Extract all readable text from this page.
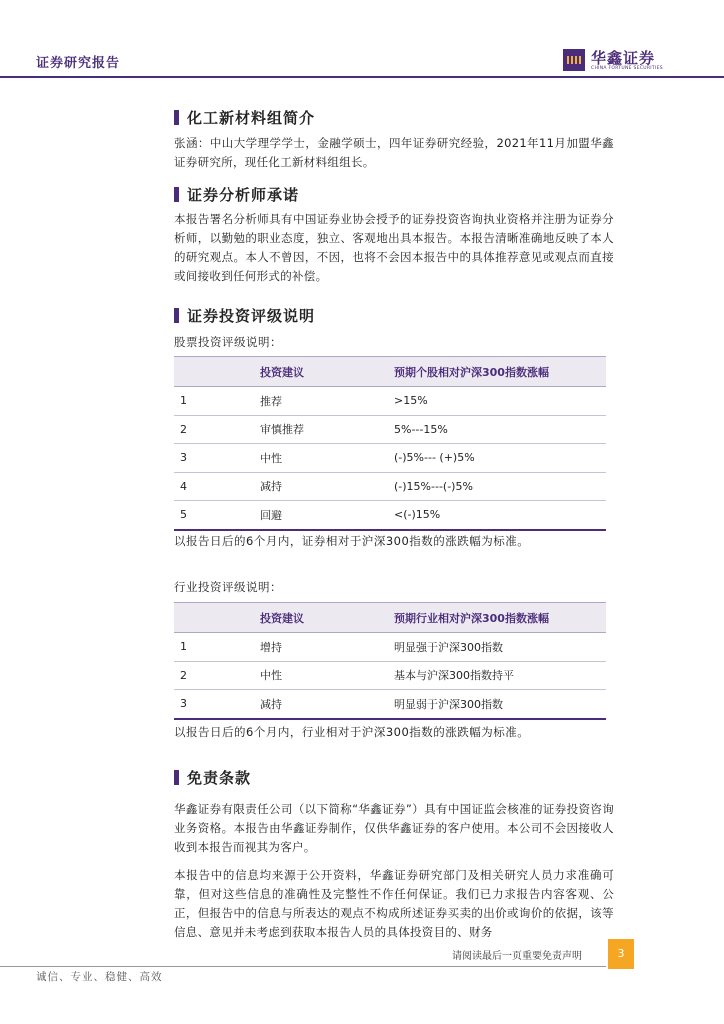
证券研究报告	华鑫证券
CHINA FORTUNE SECURITIES
化工新材料组简介
张涵：中山大学理学学士，金融学硕士，四年证券研究经验，2021年11月加盟华鑫证券研究所，现任化工新材料组组长。
证券分析师承诺
本报告署名分析师具有中国证券业协会授予的证券投资咨询执业资格并注册为证券分析师，以勤勉的职业态度，独立、客观地出具本报告。本报告清晰准确地反映了本人的研究观点。本人不曾因，不因，也将不会因本报告中的具体推荐意见或观点而直接或间接收到任何形式的补偿。
证券投资评级说明
股票投资评级说明：
	投资建议	预期个股相对沪深300指数涨幅
1	推荐	>15%
2	审慎推荐	5%---15%
3	中性	(-)5%--- (+)5%
4	减持	(-)15%---(-)5%
5	回避	<(-)15%
以报告日后的6个月内，证券相对于沪深300指数的涨跌幅为标准。
行业投资评级说明：
	投资建议	预期行业相对沪深300指数涨幅
1	增持	明显强于沪深300指数
2	中性	基本与沪深300指数持平
3	减持	明显弱于沪深300指数
以报告日后的6个月内，行业相对于沪深300指数的涨跌幅为标准。
免责条款
华鑫证券有限责任公司（以下简称“华鑫证券”）具有中国证监会核准的证券投资咨询业务资格。本报告由华鑫证券制作，仅供华鑫证券的客户使用。本公司不会因接收人收到本报告而视其为客户。
本报告中的信息均来源于公开资料，华鑫证券研究部门及相关研究人员力求准确可靠，但对这些信息的准确性及完整性不作任何保证。我们已力求报告内容客观、公正，但报告中的信息与所表达的观点不构成所述证券买卖的出价或询价的依据，该等信息、意见并未考虑到获取本报告人员的具体投资目的、财务
请阅读最后一页重要免责声明	3
诚信、专业、稳健、高效
